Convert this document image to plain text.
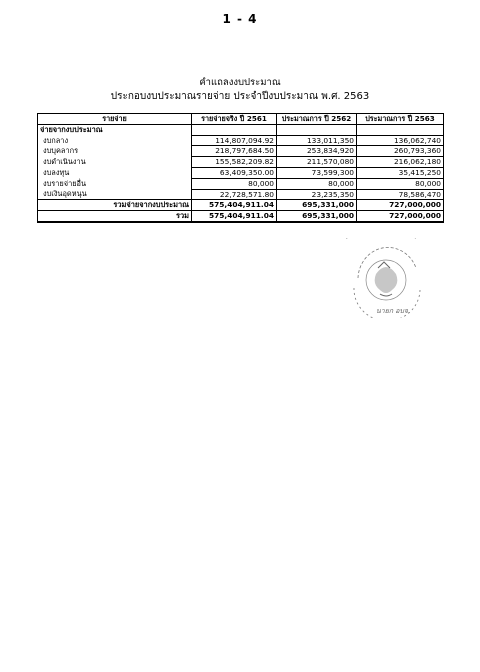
1 - 4
คำแถลงงบประมาณ
ประกอบงบประมาณรายจ่าย ประจำปีงบประมาณ พ.ศ. 2563
รายจ่าย	รายจ่ายจริง ปี 2561	ประมาณการ ปี 2562	ประมาณการ ปี 2563
จ่ายจากงบประมาณ			
งบกลาง	114,807,094.92	133,011,350	136,062,740
งบบุคลากร	218,797,684.50	253,834,920	260,793,360
งบดำเนินงาน	155,582,209.82	211,570,080	216,062,180
งบลงทุน	63,409,350.00	73,599,300	35,415,250
งบรายจ่ายอื่น	80,000	80,000	80,000
งบเงินอุดหนุน	22,728,571.80	23,235,350	78,586,470
รวมจ่ายจากงบประมาณ	575,404,911.04	695,331,000	727,000,000
รวม	575,404,911.04	695,331,000	727,000,000
นายก อบจ.
